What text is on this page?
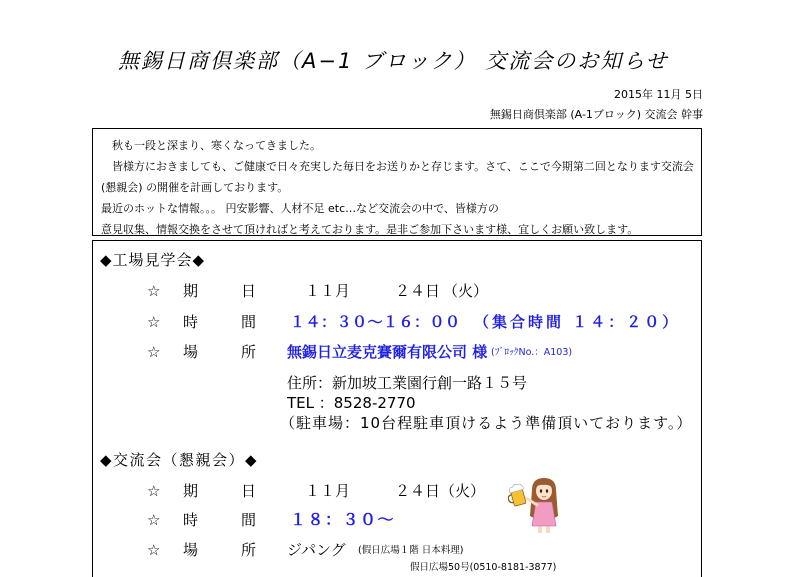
無錫日商倶楽部（A−1 ブロック） 交流会のお知らせ
2015年 11月 5日
無錫日商倶楽部 (A-1ブロック) 交流会 幹事
　秋も一段と深まり、寒くなってきました。
　皆様方におきましても、ご健康で日々充実した毎日をお送りかと存じます。さて、ここで今期第二回となります交流会
(懇親会) の開催を計画しております。
最近のホットな情報。。。 円安影響、人材不足 etc…など交流会の中で、皆様方の
意見収集、情報交換をさせて頂ければと考えております。是非ご参加下さいます様、宜しくお願い致します。
◆工場見学会◆
☆ 期	日	１１月	２４日 （火）
☆ 時	間 １４：３０～１６：００ （集合時間 １４：２０）
☆ 場	所 無錫日立麦克賽爾有限公司 様 (ﾌﾞﾛｯｸNo.：A103)
住所：新加坡工業園行創一路１５号
TEL ：8528-2770
（駐車場：10台程駐車頂けるよう準備頂いております。）
◆交流会（懇親会）◆
☆ 期	日	１１月	２４日（火）
☆ 時	間 １８：３０～
☆ 場	所 ジパング (假日広場１階 日本料理)
假日広場50号(0510-8181-3877)
